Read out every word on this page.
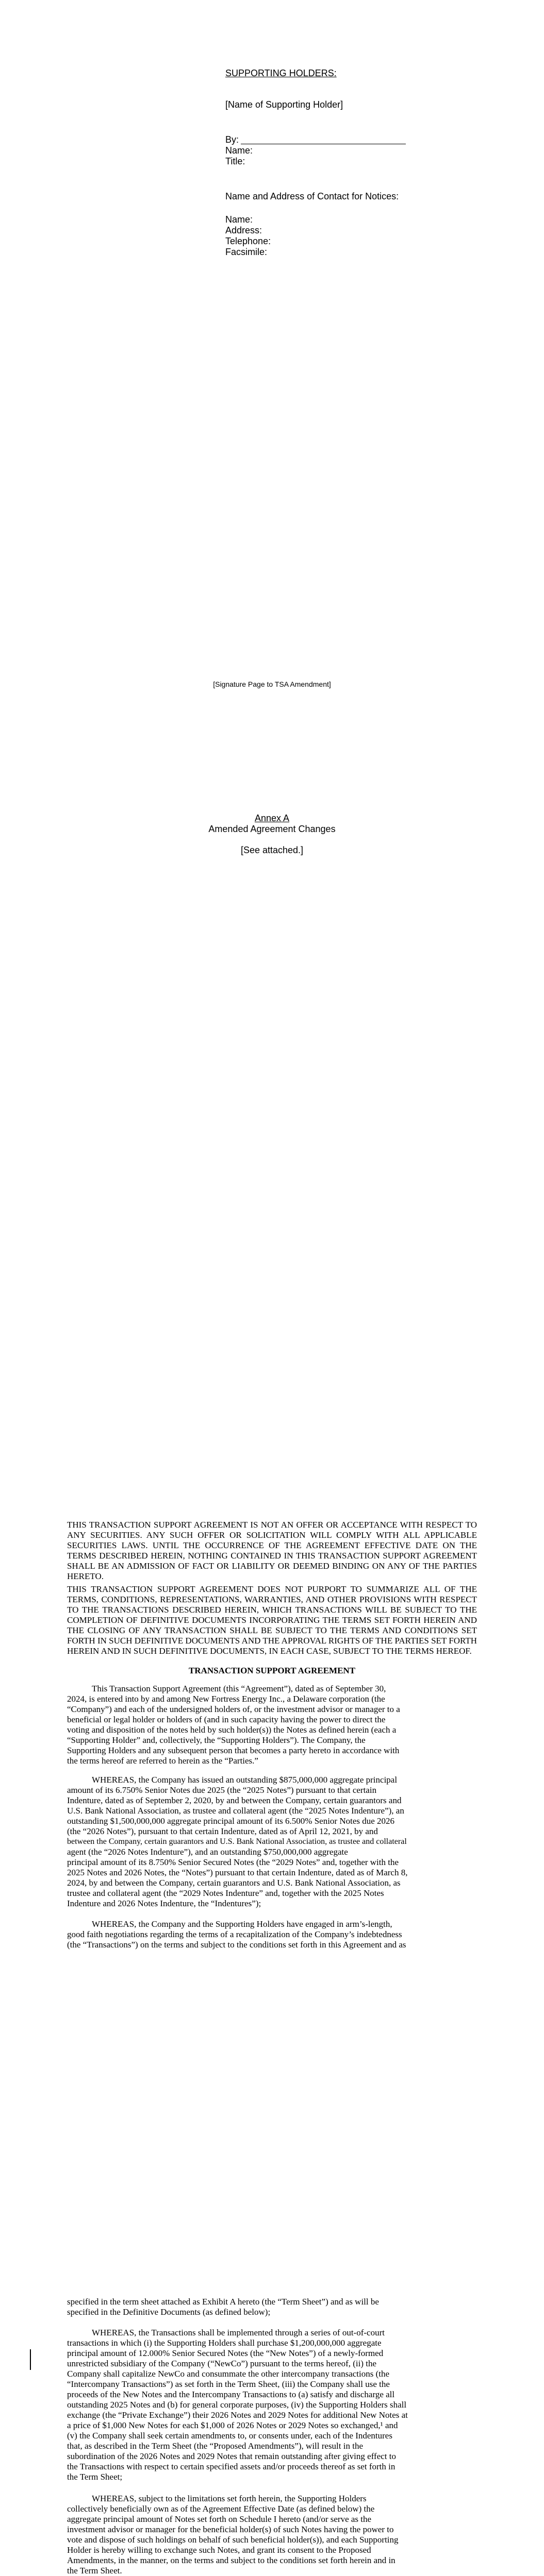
SUPPORTING HOLDERS:
[Name of Supporting Holder]
By:
Name:
Title:
Name and Address of Contact for Notices:
Name:
Address:
Telephone:
Facsimile:
[Signature Page to TSA Amendment]
Annex A
Amended Agreement Changes
[See attached.]
THIS TRANSACTION SUPPORT AGREEMENT IS NOT AN OFFER OR ACCEPTANCE WITH RESPECT TO ANY SECURITIES. ANY SUCH OFFER OR SOLICITATION WILL COMPLY WITH ALL APPLICABLE SECURITIES LAWS. UNTIL THE OCCURRENCE OF THE AGREEMENT EFFECTIVE DATE ON THE TERMS DESCRIBED HEREIN, NOTHING CONTAINED IN THIS TRANSACTION SUPPORT AGREEMENT SHALL BE AN ADMISSION OF FACT OR LIABILITY OR DEEMED BINDING ON ANY OF THE PARTIES HERETO.
THIS TRANSACTION SUPPORT AGREEMENT DOES NOT PURPORT TO SUMMARIZE ALL OF THE TERMS, CONDITIONS, REPRESENTATIONS, WARRANTIES, AND OTHER PROVISIONS WITH RESPECT TO THE TRANSACTIONS DESCRIBED HEREIN, WHICH TRANSACTIONS WILL BE SUBJECT TO THE COMPLETION OF DEFINITIVE DOCUMENTS INCORPORATING THE TERMS SET FORTH HEREIN AND THE CLOSING OF ANY TRANSACTION SHALL BE SUBJECT TO THE TERMS AND CONDITIONS SET FORTH IN SUCH DEFINITIVE DOCUMENTS AND THE APPROVAL RIGHTS OF THE PARTIES SET FORTH HEREIN AND IN SUCH DEFINITIVE DOCUMENTS, IN EACH CASE, SUBJECT TO THE TERMS HEREOF.
TRANSACTION SUPPORT AGREEMENT
This Transaction Support Agreement (this “Agreement”), dated as of September 30,
2024, is entered into by and among New Fortress Energy Inc., a Delaware corporation (the
“Company”) and each of the undersigned holders of, or the investment advisor or manager to a
beneficial or legal holder or holders of (and in such capacity having the power to direct the
voting and disposition of the notes held by such holder(s)) the Notes as defined herein (each a
“Supporting Holder” and, collectively, the “Supporting Holders”). The Company, the
Supporting Holders and any subsequent person that becomes a party hereto in accordance with
the terms hereof are referred to herein as the “Parties.”
WHEREAS, the Company has issued an outstanding $875,000,000 aggregate principal
amount of its 6.750% Senior Notes due 2025 (the “2025 Notes”) pursuant to that certain
Indenture, dated as of September 2, 2020, by and between the Company, certain guarantors and
U.S. Bank National Association, as trustee and collateral agent (the “2025 Notes Indenture”), an
outstanding $1,500,000,000 aggregate principal amount of its 6.500% Senior Notes due 2026
(the “2026 Notes”), pursuant to that certain Indenture, dated as of April 12, 2021, by and
between the Company, certain guarantors and U.S. Bank National Association, as trustee and collateral
agent (the “2026 Notes Indenture”), and an outstanding $750,000,000 aggregate
principal amount of its 8.750% Senior Secured Notes (the “2029 Notes” and, together with the
2025 Notes and 2026 Notes, the “Notes”) pursuant to that certain Indenture, dated as of March 8,
2024, by and between the Company, certain guarantors and U.S. Bank National Association, as
trustee and collateral agent (the “2029 Notes Indenture” and, together with the 2025 Notes
Indenture and 2026 Notes Indenture, the “Indentures”);
WHEREAS, the Company and the Supporting Holders have engaged in arm’s-length,
good faith negotiations regarding the terms of a recapitalization of the Company’s indebtedness
(the “Transactions”) on the terms and subject to the conditions set forth in this Agreement and as
specified in the term sheet attached as Exhibit A hereto (the “Term Sheet”) and as will be
specified in the Definitive Documents (as defined below);
WHEREAS, the Transactions shall be implemented through a series of out-of-court
transactions in which (i) the Supporting Holders shall purchase $1,200,000,000 aggregate
principal amount of 12.000% Senior Secured Notes (the “New Notes”) of a newly-formed
unrestricted subsidiary of the Company (“NewCo”) pursuant to the terms hereof, (ii) the
Company shall capitalize NewCo and consummate the other intercompany transactions (the
“Intercompany Transactions”) as set forth in the Term Sheet, (iii) the Company shall use the
proceeds of the New Notes and the Intercompany Transactions to (a) satisfy and discharge all
outstanding 2025 Notes and (b) for general corporate purposes, (iv) the Supporting Holders shall
exchange (the “Private Exchange”) their 2026 Notes and 2029 Notes for additional New Notes at
a price of $1,000 New Notes for each $1,000 of 2026 Notes or 2029 Notes so exchanged,¹ and
(v) the Company shall seek certain amendments to, or consents under, each of the Indentures
that, as described in the Term Sheet (the “Proposed Amendments”), will result in the
subordination of the 2026 Notes and 2029 Notes that remain outstanding after giving effect to
the Transactions with respect to certain specified assets and/or proceeds thereof as set forth in
the Term Sheet;
WHEREAS, subject to the limitations set forth herein, the Supporting Holders
collectively beneficially own as of the Agreement Effective Date (as defined below) the
aggregate principal amount of Notes set forth on Schedule I hereto (and/or serve as the
investment advisor or manager for the beneficial holder(s) of such Notes having the power to
vote and dispose of such holdings on behalf of such beneficial holder(s)), and each Supporting
Holder is hereby willing to exchange such Notes, and grant its consent to the Proposed
Amendments, in the manner, on the terms and subject to the conditions set forth herein and in
the Term Sheet.
